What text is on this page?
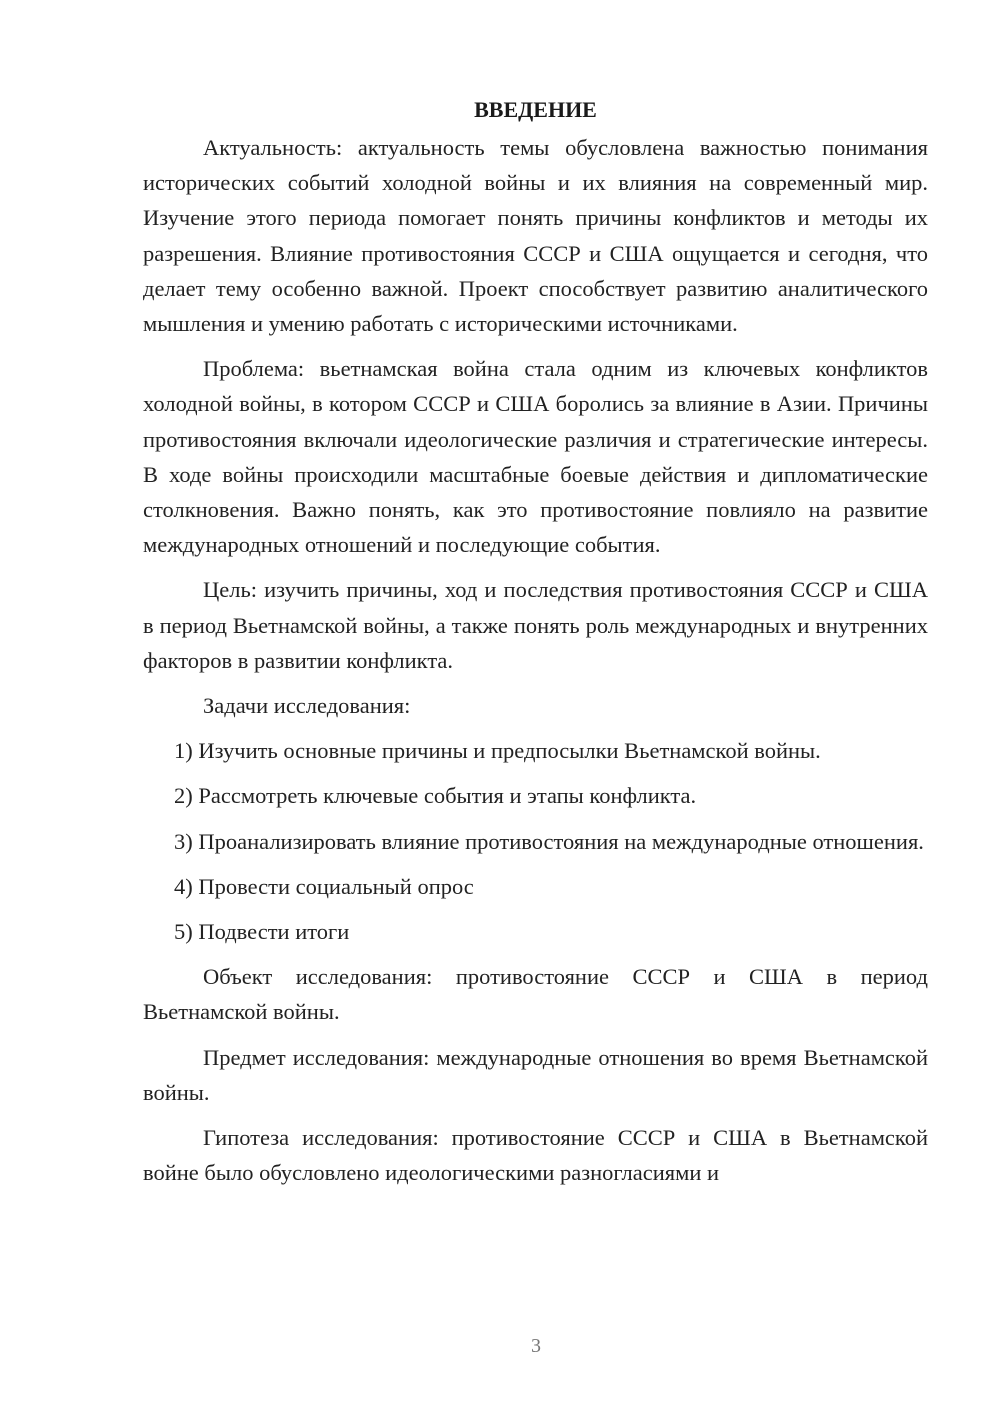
ВВЕДЕНИЕ

Актуальность: актуальность темы обусловлена важностью понимания исторических событий холодной войны и их влияния на современный мир. Изучение этого периода помогает понять причины конфликтов и методы их разрешения. Влияние противостояния СССР и США ощущается и сегодня, что делает тему особенно важной. Проект способствует развитию аналитического мышления и умению работать с историческими источниками.

Проблема: вьетнамская война стала одним из ключевых конфликтов холодной войны, в котором СССР и США боролись за влияние в Азии. Причины противостояния включали идеологические различия и стратегические интересы. В ходе войны происходили масштабные боевые действия и дипломатические столкновения. Важно понять, как это противостояние повлияло на развитие международных отношений и последующие события.

Цель: изучить причины, ход и последствия противостояния СССР и США в период Вьетнамской войны, а также понять роль международных и внутренних факторов в развитии конфликта.

Задачи исследования:

1) Изучить основные причины и предпосылки Вьетнамской войны.

2) Рассмотреть ключевые события и этапы конфликта.

3) Проанализировать влияние противостояния на международные отношения.

4) Провести социальный опрос

5) Подвести итоги

Объект исследования: противостояние СССР и США в период Вьетнамской войны.

Предмет исследования: международные отношения во время Вьетнамской войны.

Гипотеза исследования: противостояние СССР и США в Вьетнамской войне было обусловлено идеологическими разногласиями и

3
